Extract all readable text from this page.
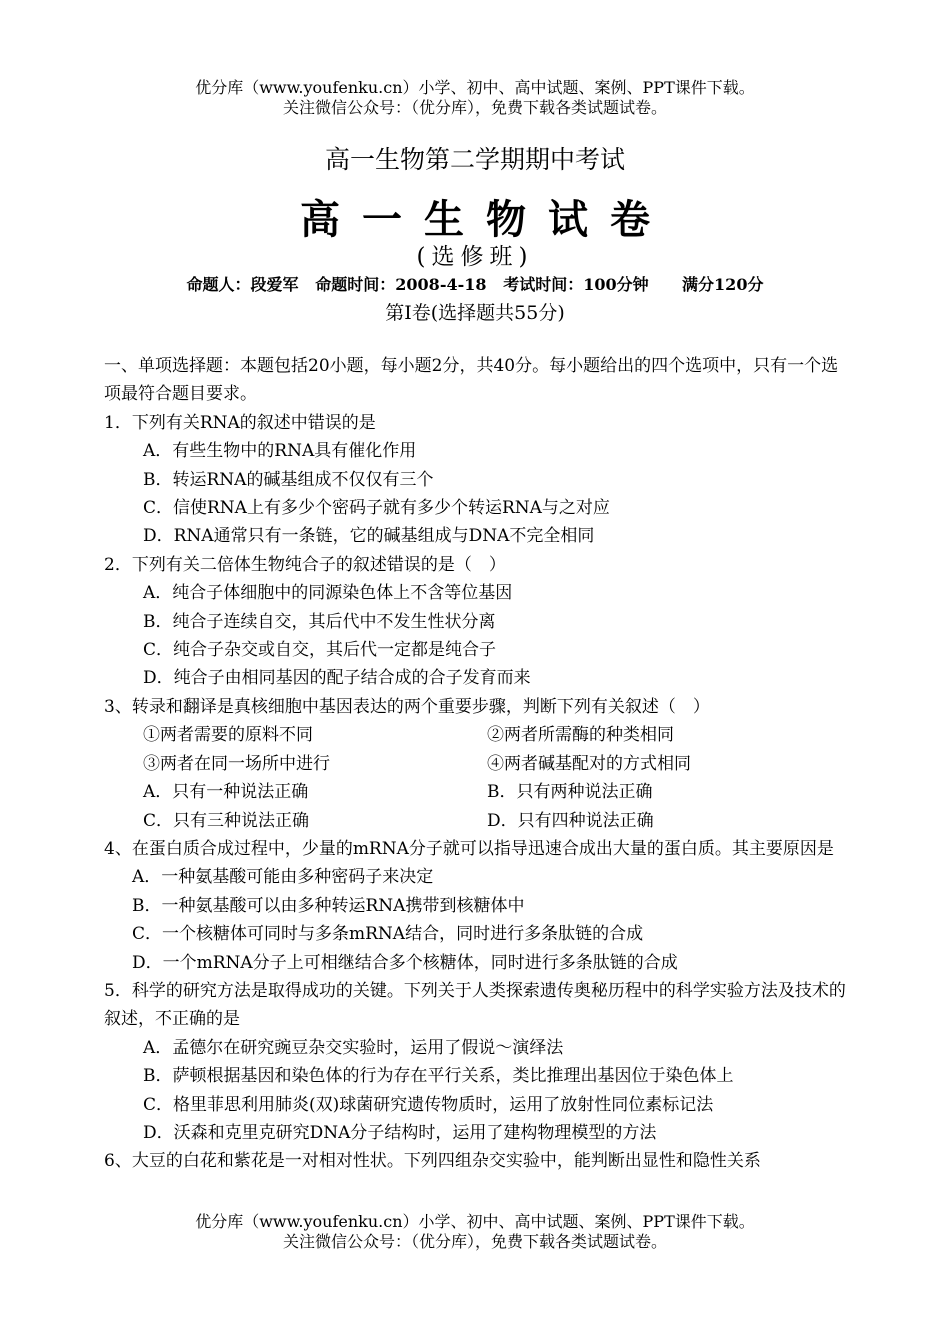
优分库（www.youfenku.cn）小学、初中、高中试题、案例、PPT课件下载。
关注微信公众号：（优分库），免费下载各类试题试卷。
高一生物第二学期期中考试
高一生物试卷
(选修班)
命题人：段爱军 命题时间：2008-4-18 考试时间：100分钟 满分120分
第Ⅰ卷(选择题共55分)

一、单项选择题：本题包括20小题，每小题2分，共40分。每小题给出的四个选项中，只有一个选项最符合题目要求。

1．下列有关RNA的叙述中错误的是

A．有些生物中的RNA具有催化作用

B．转运RNA的碱基组成不仅仅有三个

C．信使RNA上有多少个密码子就有多少个转运RNA与之对应

D．RNA通常只有一条链，它的碱基组成与DNA不完全相同

2．下列有关二倍体生物纯合子的叙述错误的是（　）

A．纯合子体细胞中的同源染色体上不含等位基因

B．纯合子连续自交，其后代中不发生性状分离

C．纯合子杂交或自交，其后代一定都是纯合子

D．纯合子由相同基因的配子结合成的合子发育而来

3、转录和翻译是真核细胞中基因表达的两个重要步骤，判断下列有关叙述（　）

①两者需要的原料不同	②两者所需酶的种类相同

③两者在同一场所中进行	④两者碱基配对的方式相同

A．只有一种说法正确	B．只有两种说法正确

C．只有三种说法正确	D．只有四种说法正确

4、在蛋白质合成过程中，少量的mRNA分子就可以指导迅速合成出大量的蛋白质。其主要原因是

A．一种氨基酸可能由多种密码子来决定

B．一种氨基酸可以由多种转运RNA携带到核糖体中

C．一个核糖体可同时与多条mRNA结合，同时进行多条肽链的合成

D．一个mRNA分子上可相继结合多个核糖体，同时进行多条肽链的合成

5．科学的研究方法是取得成功的关键。下列关于人类探索遗传奥秘历程中的科学实验方法及技术的叙述，不正确的是

A．孟德尔在研究豌豆杂交实验时，运用了假说～演绎法

B．萨顿根据基因和染色体的行为存在平行关系，类比推理出基因位于染色体上

C．格里菲思利用肺炎(双)球菌研究遗传物质时，运用了放射性同位素标记法

D．沃森和克里克研究DNA分子结构时，运用了建构物理模型的方法

6、大豆的白花和紫花是一对相对性状。下列四组杂交实验中，能判断出显性和隐性关系

优分库（www.youfenku.cn）小学、初中、高中试题、案例、PPT课件下载。
关注微信公众号：（优分库），免费下载各类试题试卷。
